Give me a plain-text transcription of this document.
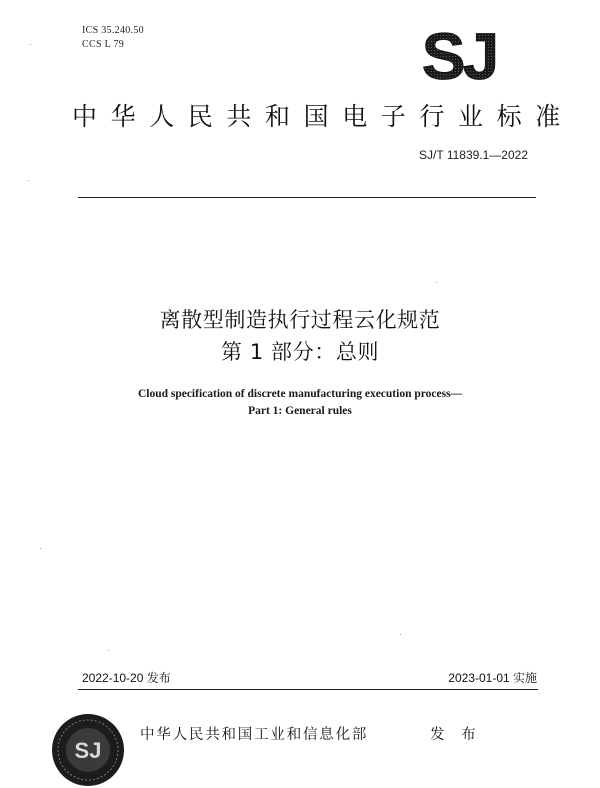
ICS 35.240.50
CCS L 79	SJ
中华人民共和国电子行业标准
SJ/T 11839.1—2022
离散型制造执行过程云化规范
第 1 部分：总则
Cloud specification of discrete manufacturing execution process—
Part 1: General rules
2022-10-20 发布	2023-01-01 实施
SJ
中华人民共和国工业和信息化部	发 布
